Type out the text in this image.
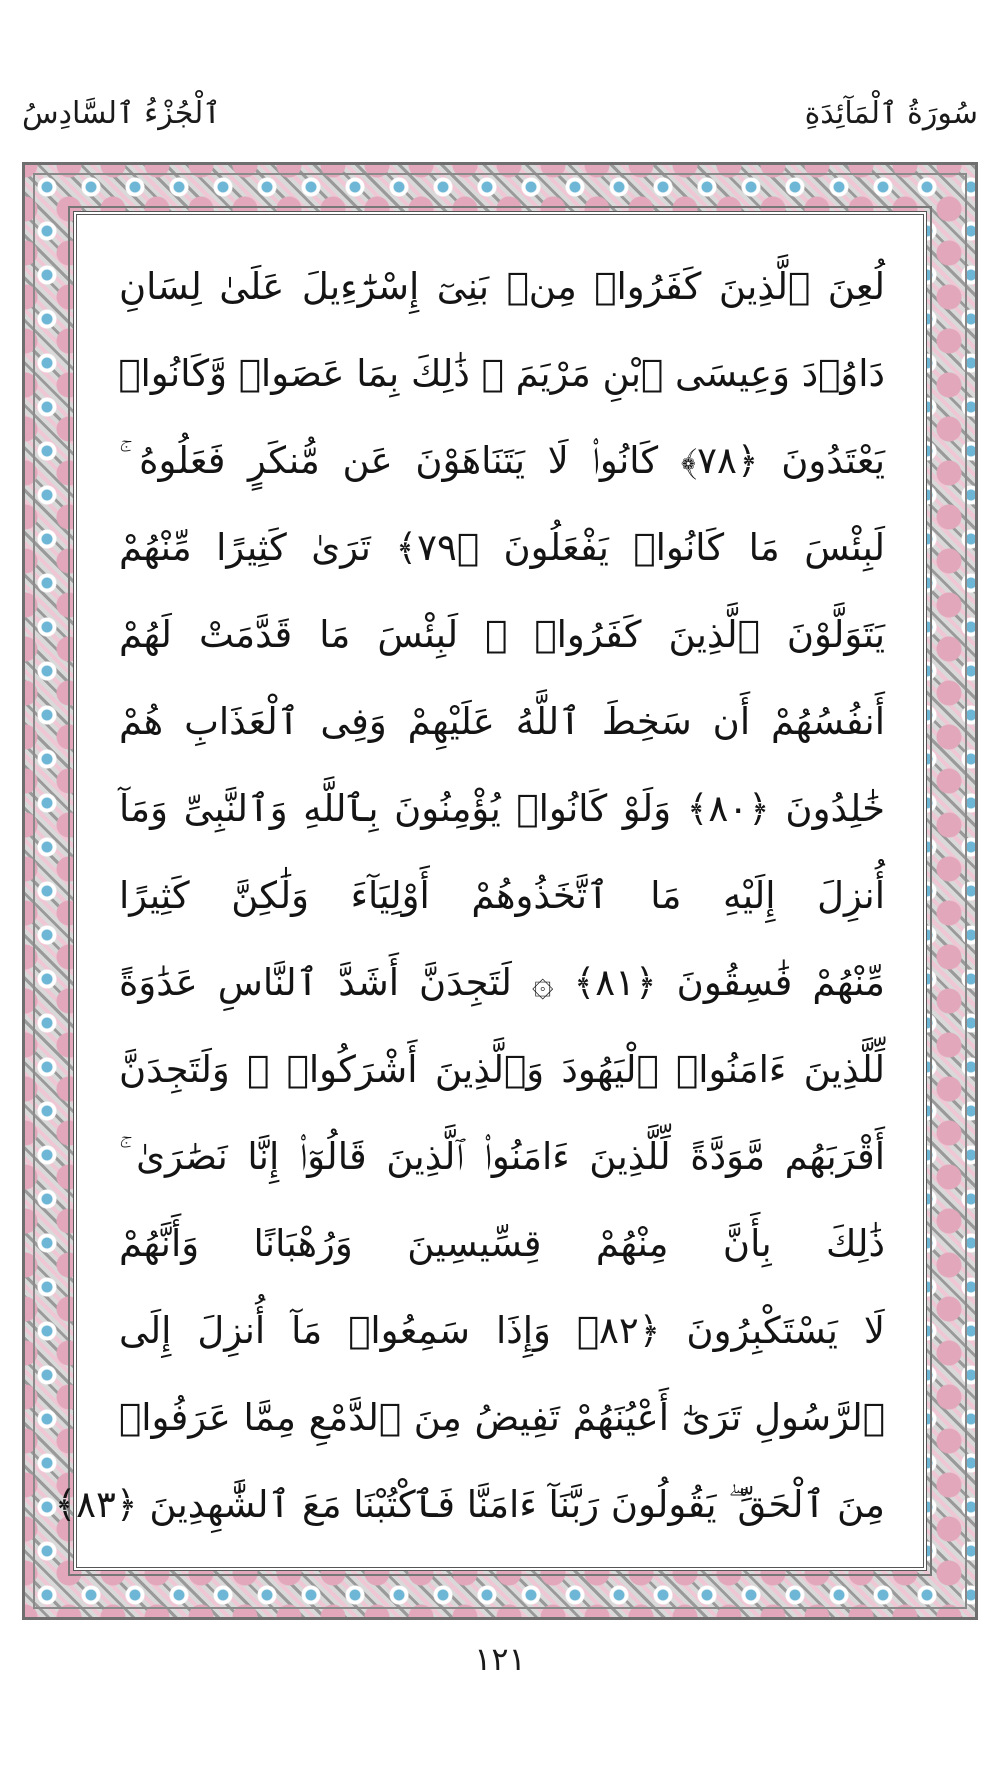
ٱلْجُزْءُ ٱلسَّادِسُ	سُورَةُ ٱلْمَآئِدَةِ
لُعِنَ ٱلَّذِينَ كَفَرُوا۟ مِنۢ بَنِىٓ إِسْرَٰٓءِيلَ عَلَىٰ لِسَانِ
دَاوُۥدَ وَعِيسَى ٱبْنِ مَرْيَمَ ۚ ذَٰلِكَ بِمَا عَصَوا۟ وَّكَانُوا۟
يَعْتَدُونَ ﴿٧٨﴾ كَانُوا۟ لَا يَتَنَاهَوْنَ عَن مُّنكَرٍ فَعَلُوهُ ۚ
لَبِئْسَ مَا كَانُوا۟ يَفْعَلُونَ ﴿٧٩﴾ تَرَىٰ كَثِيرًا مِّنْهُمْ
يَتَوَلَّوْنَ ٱلَّذِينَ كَفَرُوا۟ ۚ لَبِئْسَ مَا قَدَّمَتْ لَهُمْ
أَنفُسُهُمْ أَن سَخِطَ ٱللَّهُ عَلَيْهِمْ وَفِى ٱلْعَذَابِ هُمْ
خَٰلِدُونَ ﴿٨٠﴾ وَلَوْ كَانُوا۟ يُؤْمِنُونَ بِٱللَّهِ وَٱلنَّبِىِّ وَمَآ
أُنزِلَ إِلَيْهِ مَا ٱتَّخَذُوهُمْ أَوْلِيَآءَ وَلَٰكِنَّ كَثِيرًا
مِّنْهُمْ فَٰسِقُونَ ﴿٨١﴾ ۞ لَتَجِدَنَّ أَشَدَّ ٱلنَّاسِ عَدَٰوَةً
لِّلَّذِينَ ءَامَنُوا۟ ٱلْيَهُودَ وَٱلَّذِينَ أَشْرَكُوا۟ ۖ وَلَتَجِدَنَّ
أَقْرَبَهُم مَّوَدَّةً لِّلَّذِينَ ءَامَنُوا۟ ٱلَّذِينَ قَالُوٓا۟ إِنَّا نَصَٰرَىٰ ۚ
ذَٰلِكَ بِأَنَّ مِنْهُمْ قِسِّيسِينَ وَرُهْبَانًا وَأَنَّهُمْ
لَا يَسْتَكْبِرُونَ ﴿٨٢﴾ وَإِذَا سَمِعُوا۟ مَآ أُنزِلَ إِلَى
ٱلرَّسُولِ تَرَىٰٓ أَعْيُنَهُمْ تَفِيضُ مِنَ ٱلدَّمْعِ مِمَّا عَرَفُوا۟
مِنَ ٱلْحَقِّ ۖ يَقُولُونَ رَبَّنَآ ءَامَنَّا فَٱكْتُبْنَا مَعَ ٱلشَّٰهِدِينَ ﴿٨٣﴾
١٢١
